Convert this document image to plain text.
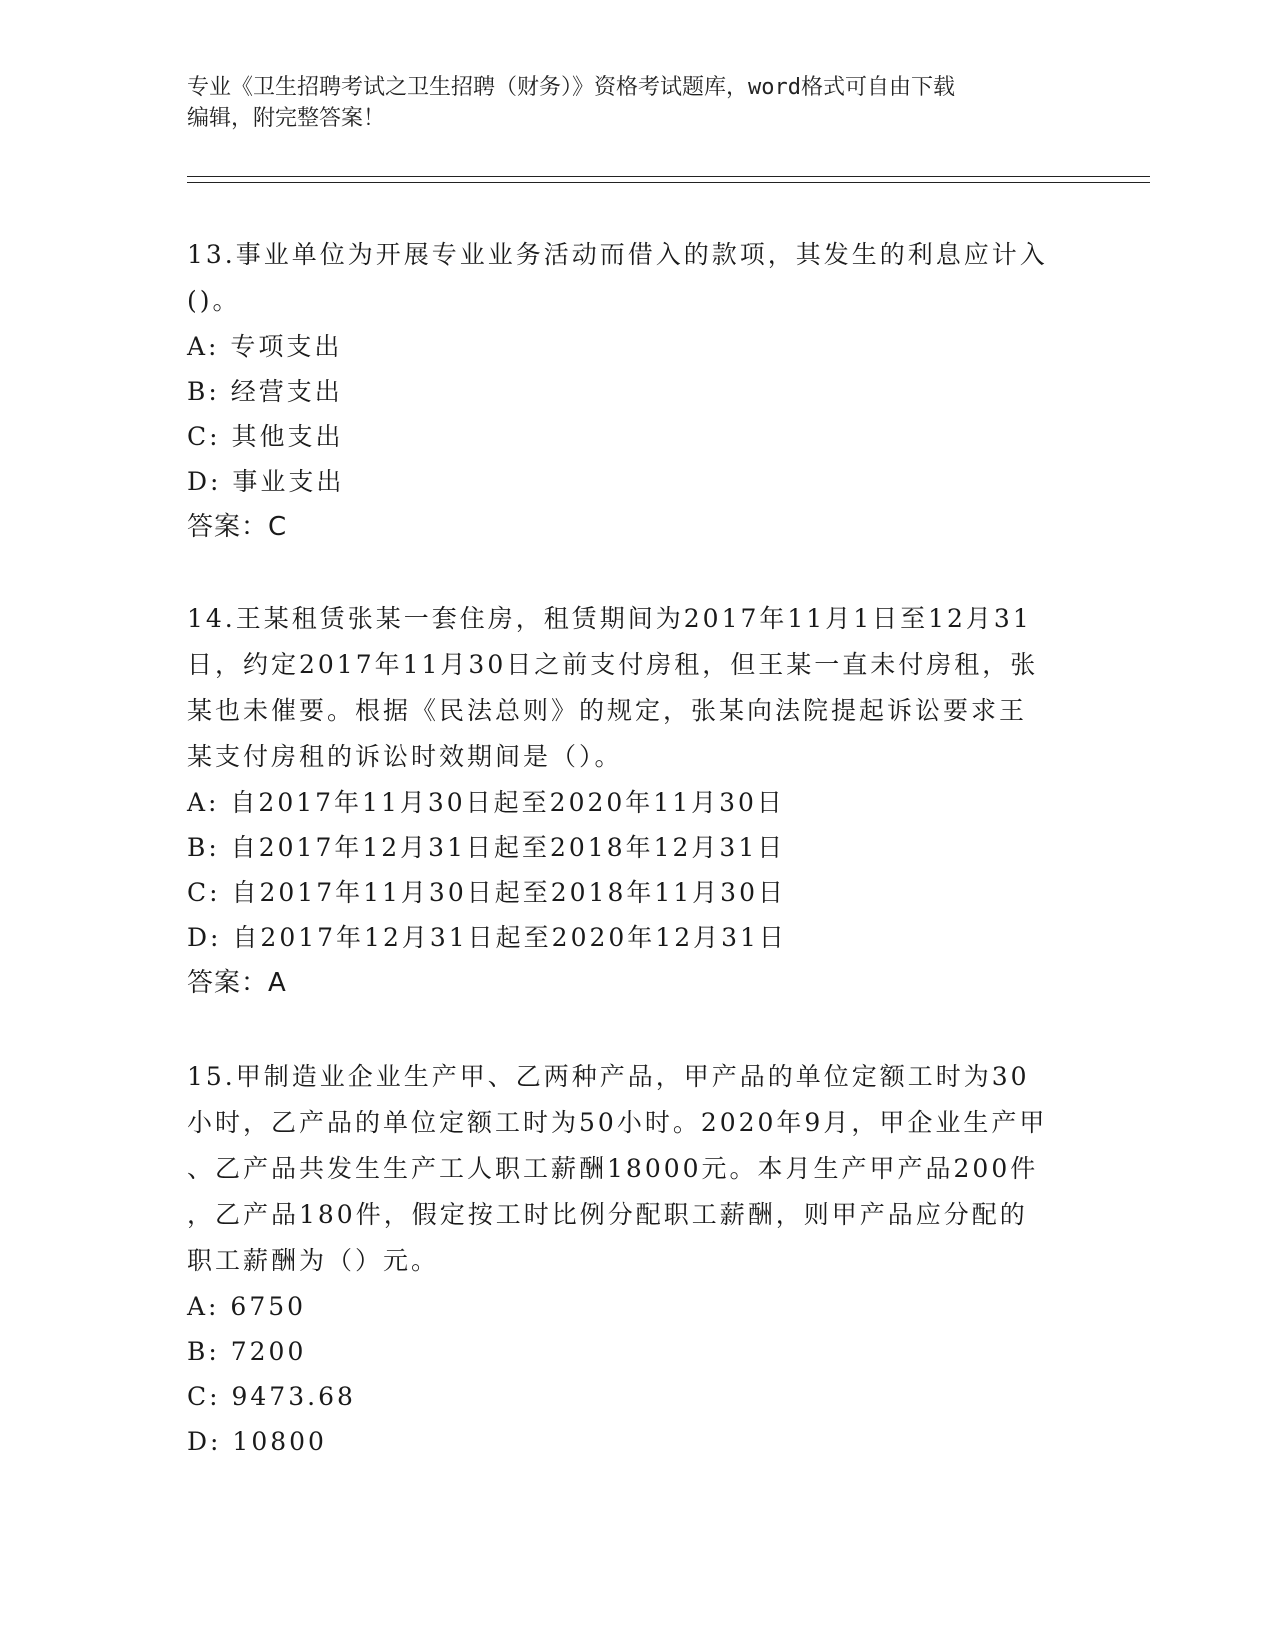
专业《卫生招聘考试之卫生招聘（财务）》资格考试题库，word格式可自由下载
编辑，附完整答案！

13.事业单位为开展专业业务活动而借入的款项，其发生的利息应计入

()。

A: 专项支出

B: 经营支出

C: 其他支出

D: 事业支出

答案：C

14.王某租赁张某一套住房，租赁期间为2017年11月1日至12月31

日，约定2017年11月30日之前支付房租，但王某一直未付房租，张

某也未催要。根据《民法总则》的规定，张某向法院提起诉讼要求王

某支付房租的诉讼时效期间是（）。

A: 自2017年11月30日起至2020年11月30日

B: 自2017年12月31日起至2018年12月31日

C: 自2017年11月30日起至2018年11月30日

D: 自2017年12月31日起至2020年12月31日

答案：A

15.甲制造业企业生产甲、乙两种产品，甲产品的单位定额工时为30

小时，乙产品的单位定额工时为50小时。2020年9月，甲企业生产甲

、乙产品共发生生产工人职工薪酬18000元。本月生产甲产品200件

，乙产品180件，假定按工时比例分配职工薪酬，则甲产品应分配的

职工薪酬为（）元。

A: 6750

B: 7200

C: 9473.68

D: 10800
